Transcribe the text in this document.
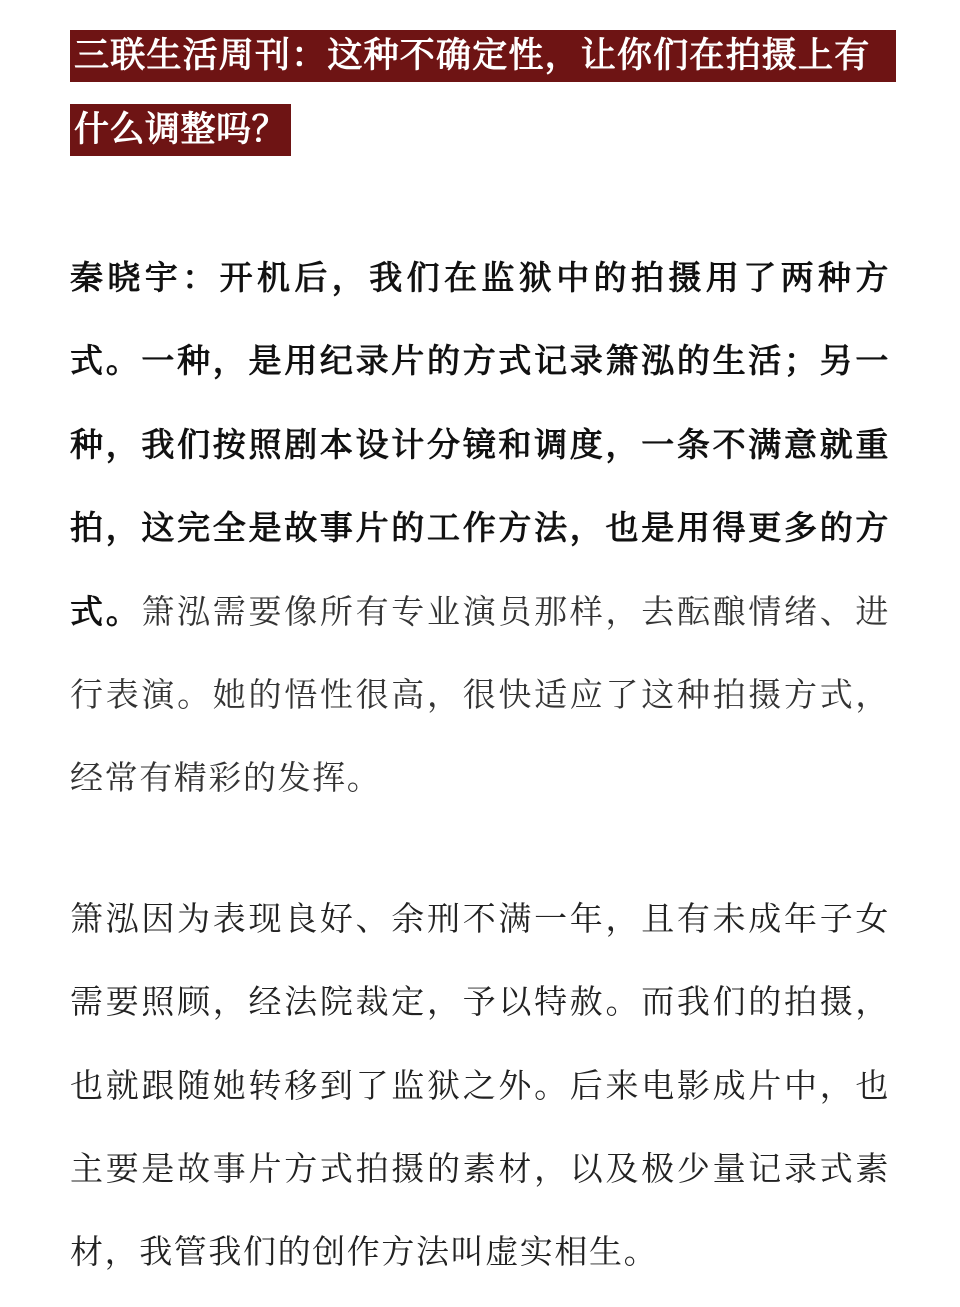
三联生活周刊：这种不确定性，让你们在拍摄上有
什么调整吗？

秦晓宇：开机后，我们在监狱中的拍摄用了两种方式。一种，是用纪录片的方式记录箫泓的生活；另一种，我们按照剧本设计分镜和调度，一条不满意就重拍，这完全是故事片的工作方法，也是用得更多的方式。箫泓需要像所有专业演员那样，去酝酿情绪、进行表演。她的悟性很高，很快适应了这种拍摄方式，经常有精彩的发挥。

箫泓因为表现良好、余刑不满一年，且有未成年子女需要照顾，经法院裁定，予以特赦。而我们的拍摄，也就跟随她转移到了监狱之外。后来电影成片中，也主要是故事片方式拍摄的素材，以及极少量记录式素材，我管我们的创作方法叫虚实相生。
